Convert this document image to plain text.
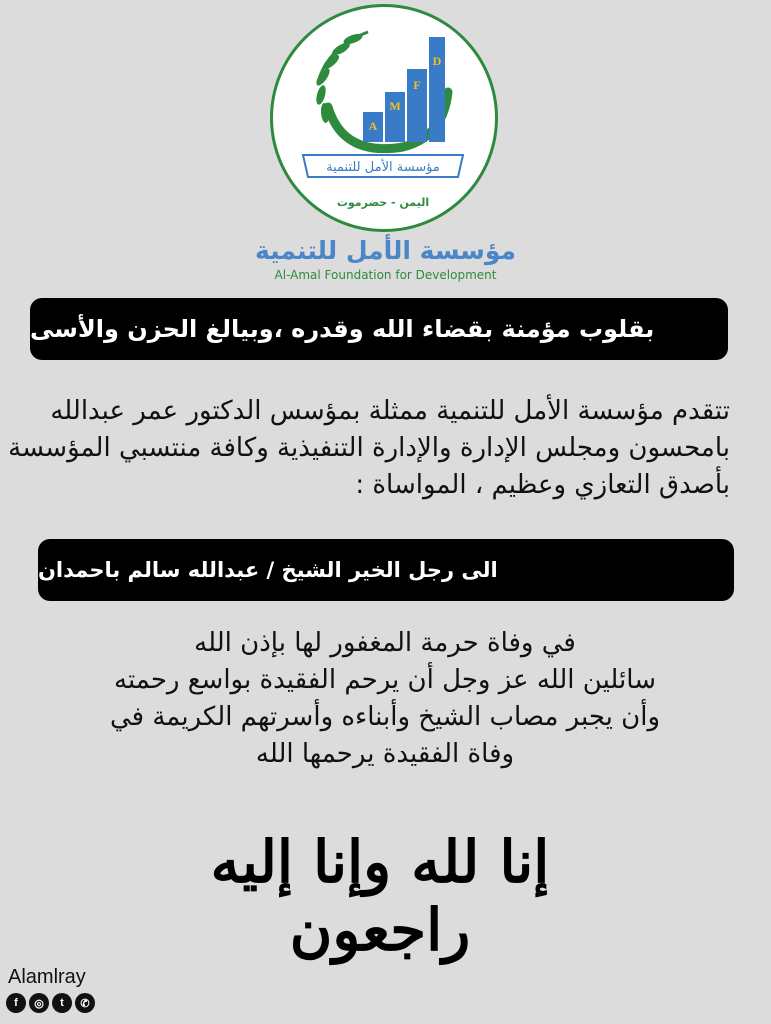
A
M
F
D
مؤسسة الأمل للتنمية
اليمن - حضرموت
مؤسسة الأمل للتنمية
Al-Amal Foundation for Development
بقلوب مؤمنة بقضاء الله وقدره ،وبيالغ الحزن والأسى
تتقدم مؤسسة الأمل للتنمية ممثلة بمؤسس الدكتور عمر عبدالله بامحسون ومجلس الإدارة والإدارة التنفيذية وكافة منتسبي المؤسسة بأصدق التعازي وعظيم ، المواساة :
الى رجل الخير الشيخ / عبدالله سالم باحمدان
في وفاة حرمة المغفور لها بإذن الله
سائلين الله عز وجل أن يرحم الفقيدة بواسع رحمته
وأن يجبر مصاب الشيخ وأبناءه وأسرتهم الكريمة في
وفاة الفقيدة يرحمها الله
إنا لله وإنا إليه راجعون
Alamlray
f	◎	t	✆
